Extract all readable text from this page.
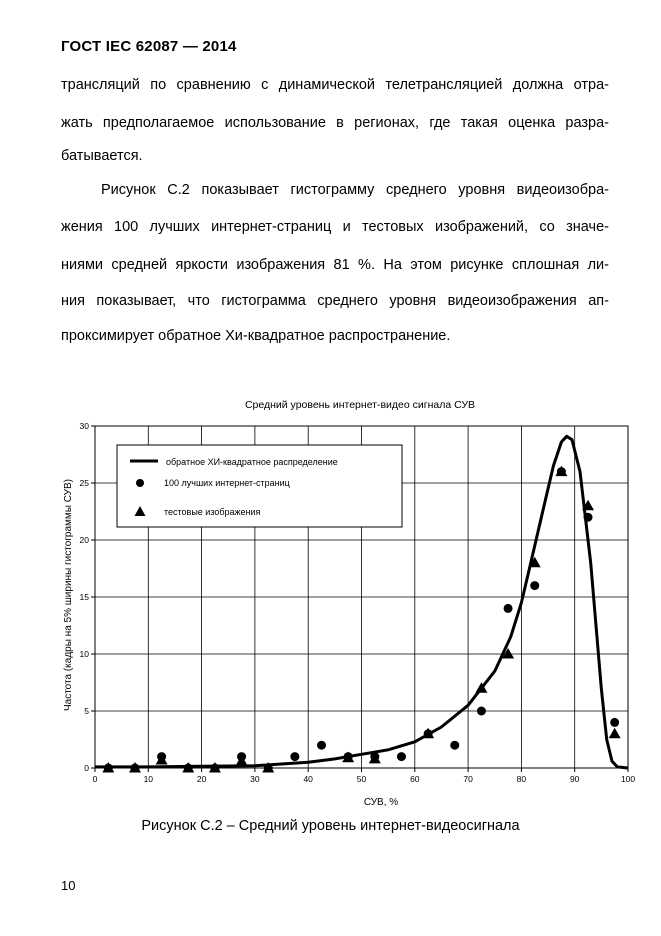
ГОСТ IEC 62087 — 2014
трансляций по сравнению с динамической телетрансляцией должна отра-
жать предполагаемое использование в регионах, где такая оценка разра-
батывается.
Рисунок C.2 показывает гистограмму среднего уровня видеоизобра-
жения 100 лучших интернет-страниц и тестовых изображений, со значе-
ниями средней яркости изображения 81 %. На этом рисунке сплошная ли-
ния показывает, что гистограмма среднего уровня видеоизображения ап-
проксимирует обратное Хи-квадратное распространение.
Средний уровень интернет-видео сигнала СУВ
0	10	20	30	40	50	60	70	80	90	100
0
5
10
15
20
25
30
обратное ХИ-квадратное распределение
100 лучших интернет-страниц
тестовые изображения
Частота (кадры на 5% ширины гистограммы СУВ)
СУВ, %
Рисунок C.2 – Средний уровень интернет-видеосигнала
10
